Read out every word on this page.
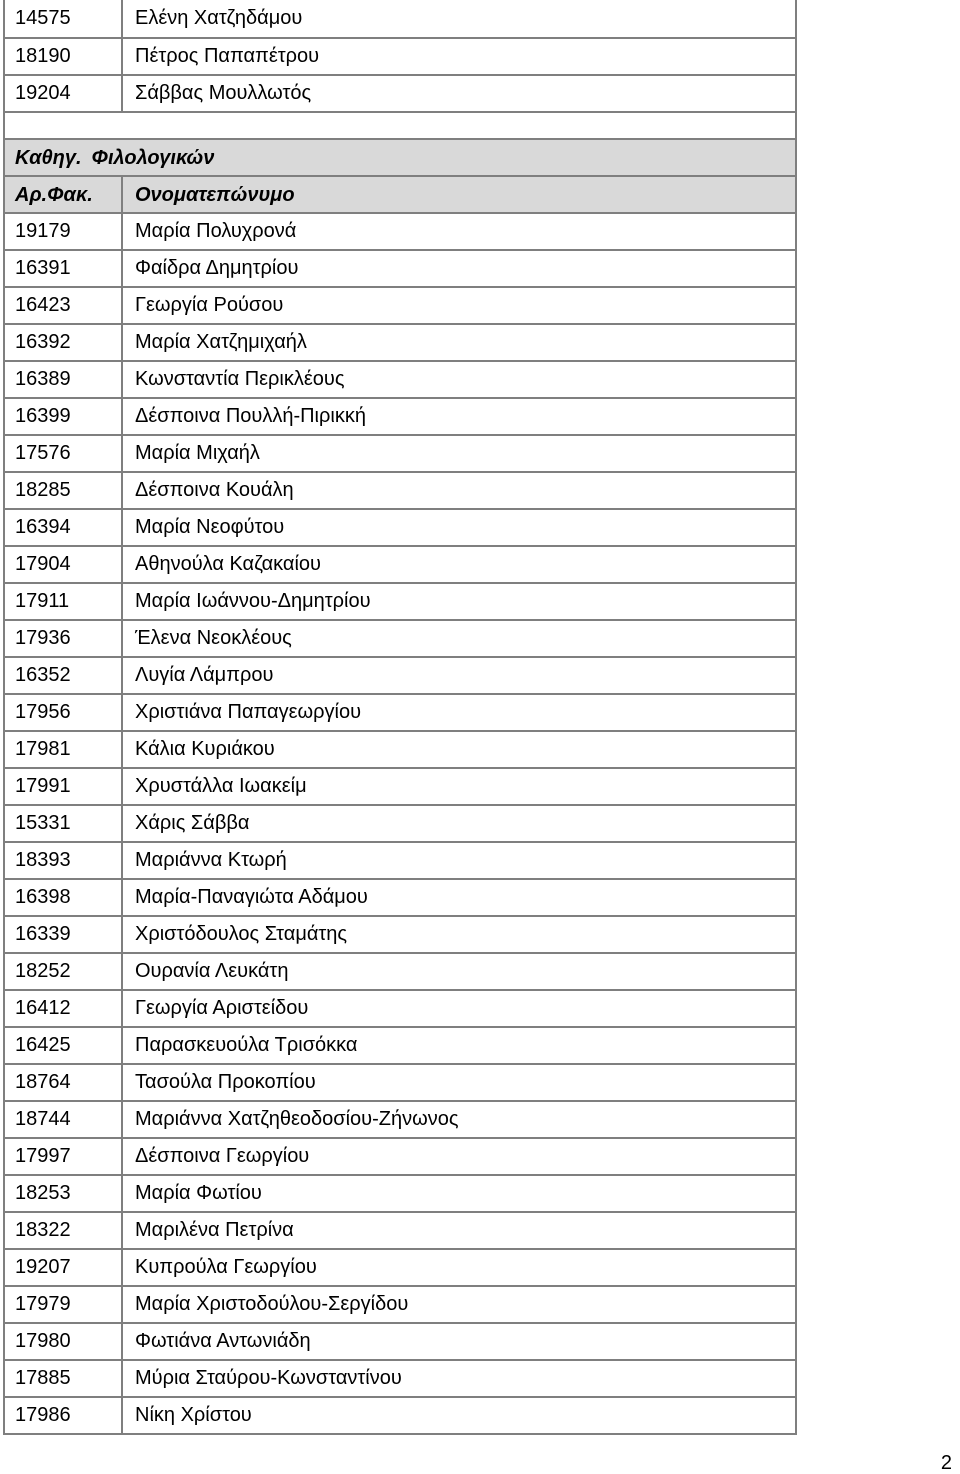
14575	Ελένη Χατζηδάμου
18190	Πέτρος Παπαπέτρου
19204	Σάββας Μουλλωτός
Καθηγ. Φιλολογικών
Αρ.Φακ.	Ονοματεπώνυμο
19179	Μαρία Πολυχρονά
16391	Φαίδρα Δημητρίου
16423	Γεωργία Ρούσου
16392	Μαρία Χατζημιχαήλ
16389	Κωνσταντία Περικλέους
16399	Δέσποινα Πουλλή-Πιρικκή
17576	Μαρία Μιχαήλ
18285	Δέσποινα Κουάλη
16394	Μαρία Νεοφύτου
17904	Αθηνούλα Καζακαίου
17911	Μαρία Ιωάννου-Δημητρίου
17936	Έλενα Νεοκλέους
16352	Λυγία Λάμπρου
17956	Χριστιάνα Παπαγεωργίου
17981	Κάλια Κυριάκου
17991	Χρυστάλλα Ιωακείμ
15331	Χάρις Σάββα
18393	Μαριάννα Κτωρή
16398	Μαρία-Παναγιώτα Αδάμου
16339	Χριστόδουλος Σταμάτης
18252	Ουρανία Λευκάτη
16412	Γεωργία Αριστείδου
16425	Παρασκευούλα Τρισόκκα
18764	Τασούλα Προκοπίου
18744	Μαριάννα Χατζηθεοδοσίου-Ζήνωνος
17997	Δέσποινα Γεωργίου
18253	Μαρία Φωτίου
18322	Μαριλένα Πετρίνα
19207	Κυπρούλα Γεωργίου
17979	Μαρία Χριστοδούλου-Σεργίδου
17980	Φωτιάνα Αντωνιάδη
17885	Μύρια Σταύρου-Κωνσταντίνου
17986	Νίκη Χρίστου
2
